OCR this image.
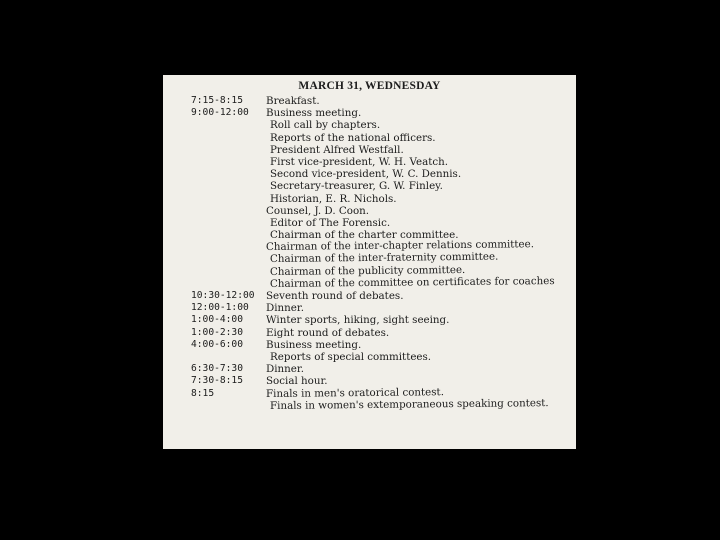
MARCH 31, WEDNESDAY
7:15-8:15	Breakfast.
9:00-12:00	Business meeting.
Roll call by chapters.
Reports of the national officers.
President Alfred Westfall.
First vice-president, W. H. Veatch.
Second vice-president, W. C. Dennis.
Secretary-treasurer, G. W. Finley.
Historian, E. R. Nichols.
Counsel, J. D. Coon.
Editor of The Forensic.
Chairman of the charter committee.
Chairman of the inter-chapter relations committee.
Chairman of the inter-fraternity committee.
Chairman of the publicity committee.
Chairman of the committee on certificates for coaches
10:30-12:00 Seventh round of debates.
12:00-1:00	Dinner.
1:00-4:00	Winter sports, hiking, sight seeing.
1:00-2:30	Eight round of debates.
4:00-6:00	Business meeting.
Reports of special committees.
6:30-7:30	Dinner.
7:30-8:15	Social hour.
8:15	Finals in men's oratorical contest.
Finals in women's extemporaneous speaking contest.
